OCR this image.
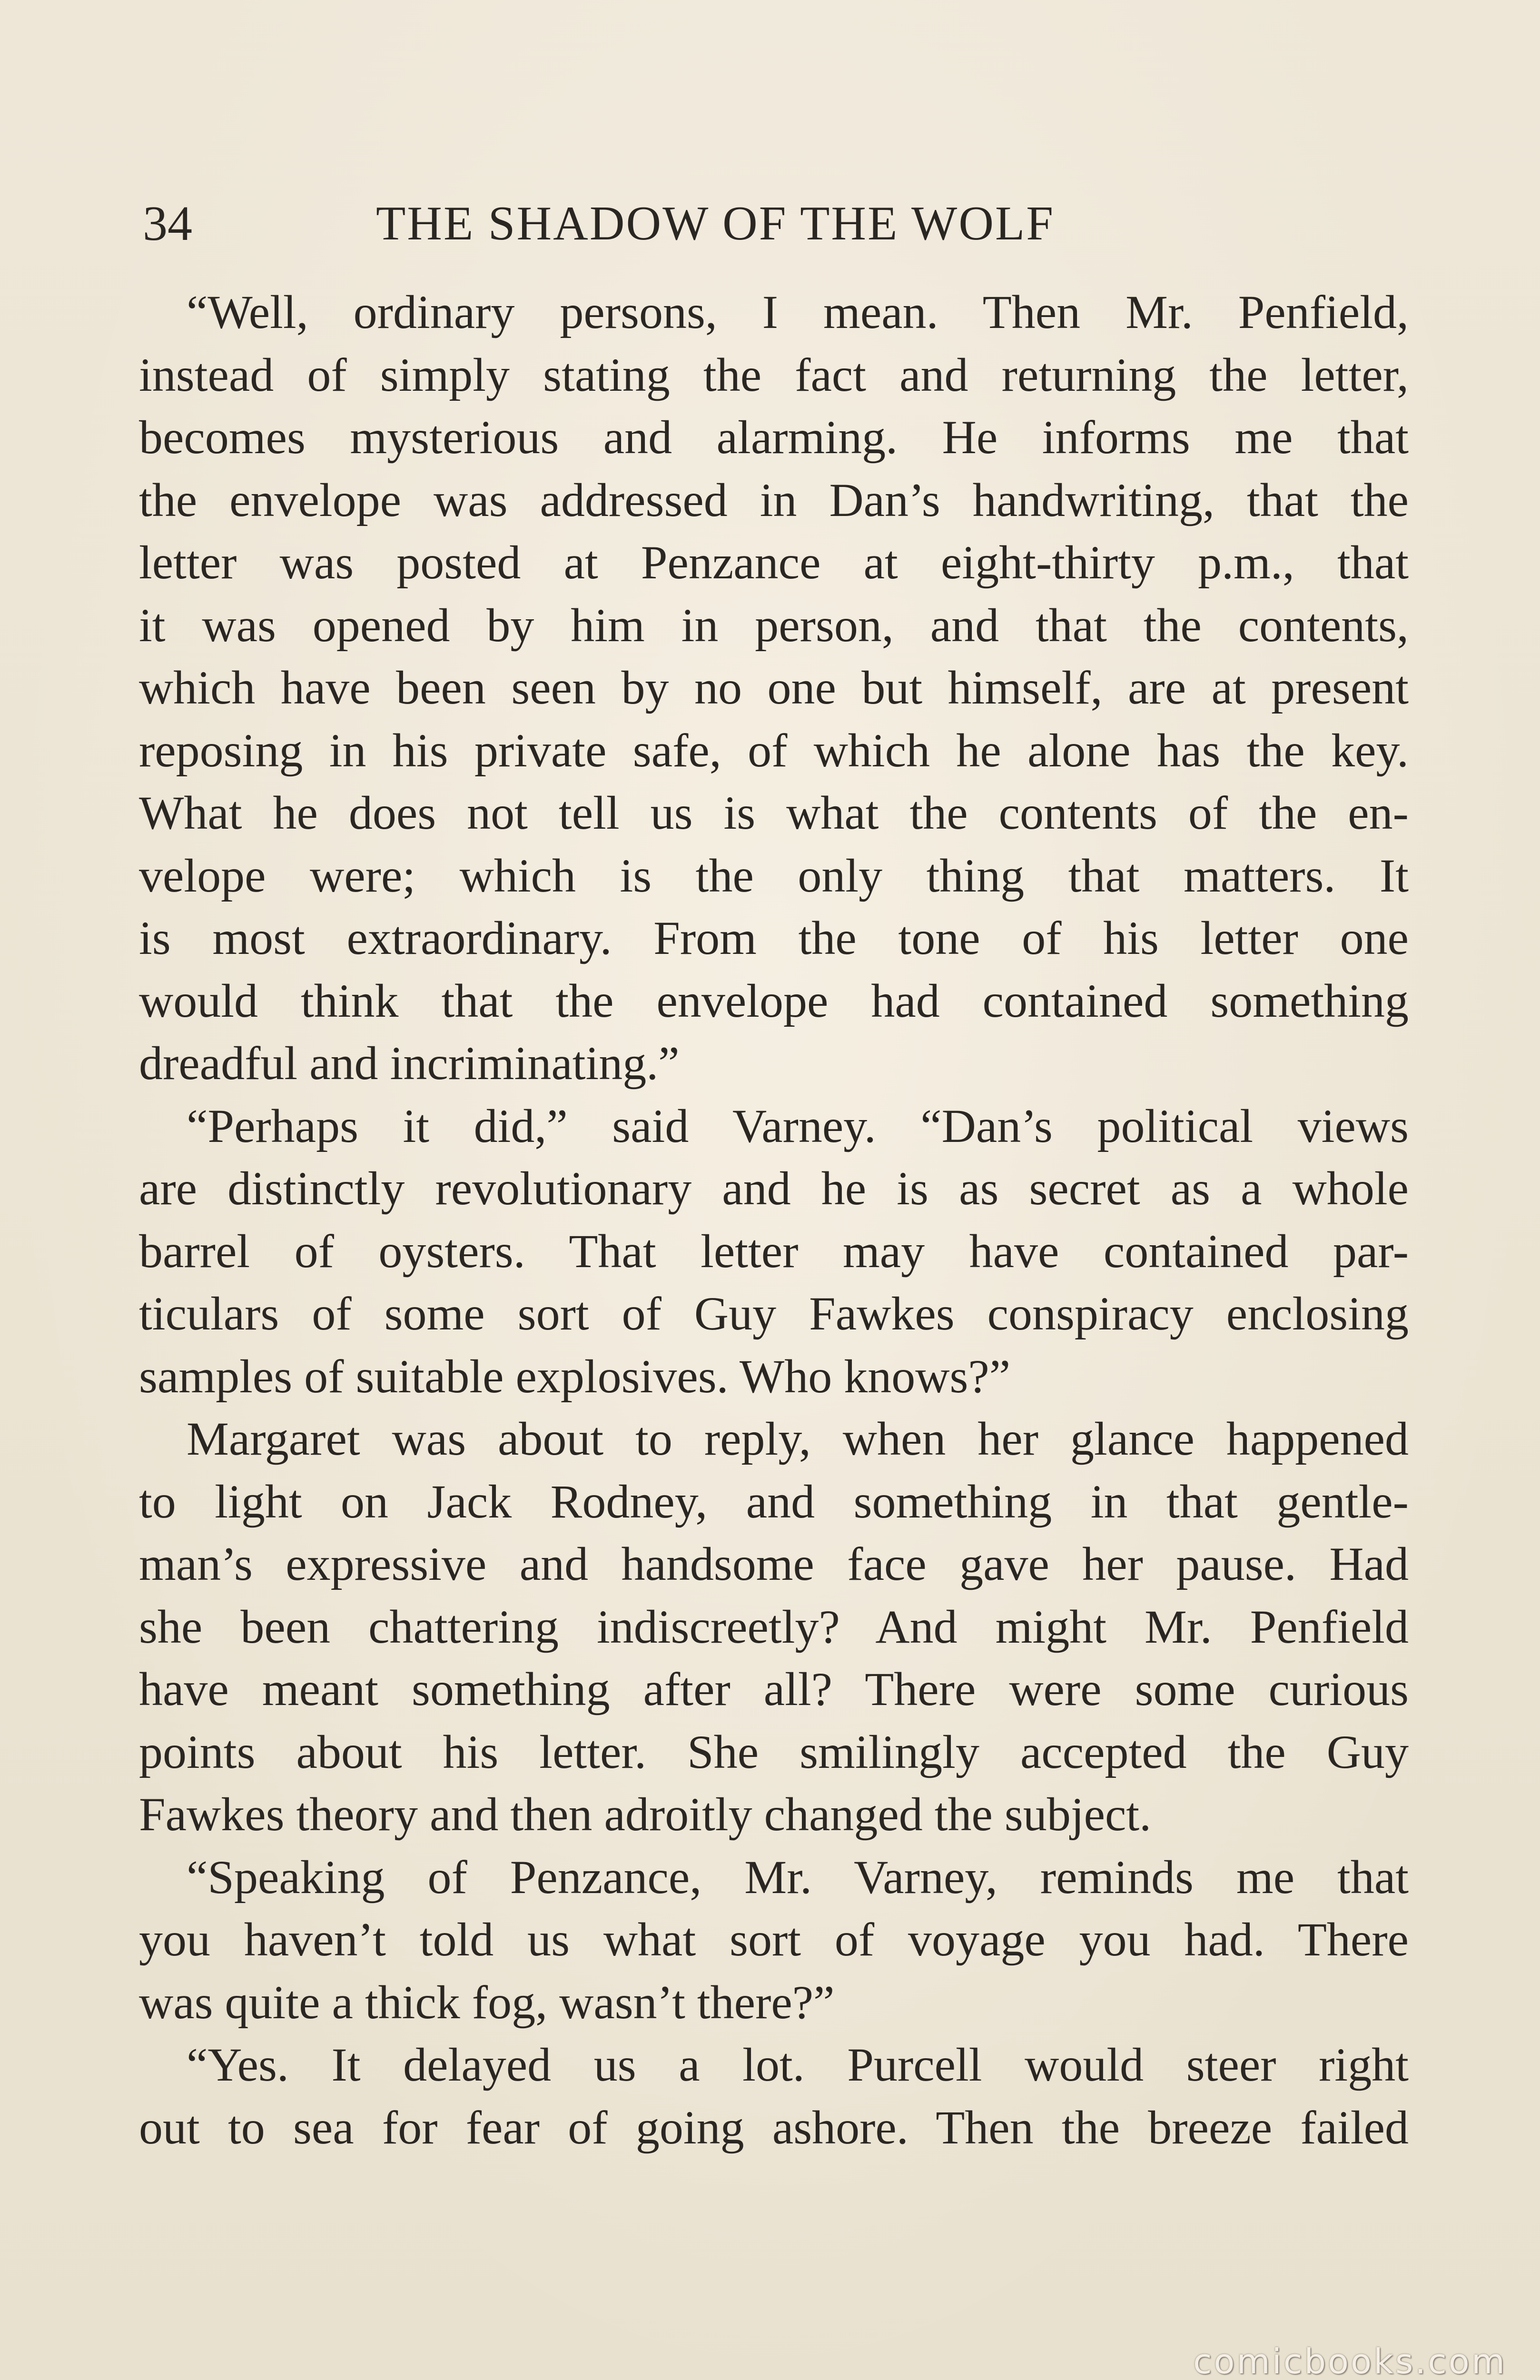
34	THE SHADOW OF THE WOLF

“Well, ordinary persons, I mean. Then Mr. Penfield,
instead of simply stating the fact and returning the letter,
becomes mysterious and alarming. He informs me that
the envelope was addressed in Dan’s handwriting, that the
letter was posted at Penzance at eight-thirty p.m., that
it was opened by him in person, and that the contents,
which have been seen by no one but himself, are at present
reposing in his private safe, of which he alone has the key.
What he does not tell us is what the contents of the en-
velope were; which is the only thing that matters. It
is most extraordinary. From the tone of his letter one
would think that the envelope had contained something
dreadful and incriminating.”

“Perhaps it did,” said Varney. “Dan’s political views
are distinctly revolutionary and he is as secret as a whole
barrel of oysters. That letter may have contained par-
ticulars of some sort of Guy Fawkes conspiracy enclosing
samples of suitable explosives. Who knows?”

Margaret was about to reply, when her glance happened
to light on Jack Rodney, and something in that gentle-
man’s expressive and handsome face gave her pause. Had
she been chattering indiscreetly? And might Mr. Penfield
have meant something after all? There were some curious
points about his letter. She smilingly accepted the Guy
Fawkes theory and then adroitly changed the subject.

“Speaking of Penzance, Mr. Varney, reminds me that
you haven’t told us what sort of voyage you had. There
was quite a thick fog, wasn’t there?”

“Yes. It delayed us a lot. Purcell would steer right
out to sea for fear of going ashore. Then the breeze failed

comicbooks.com
